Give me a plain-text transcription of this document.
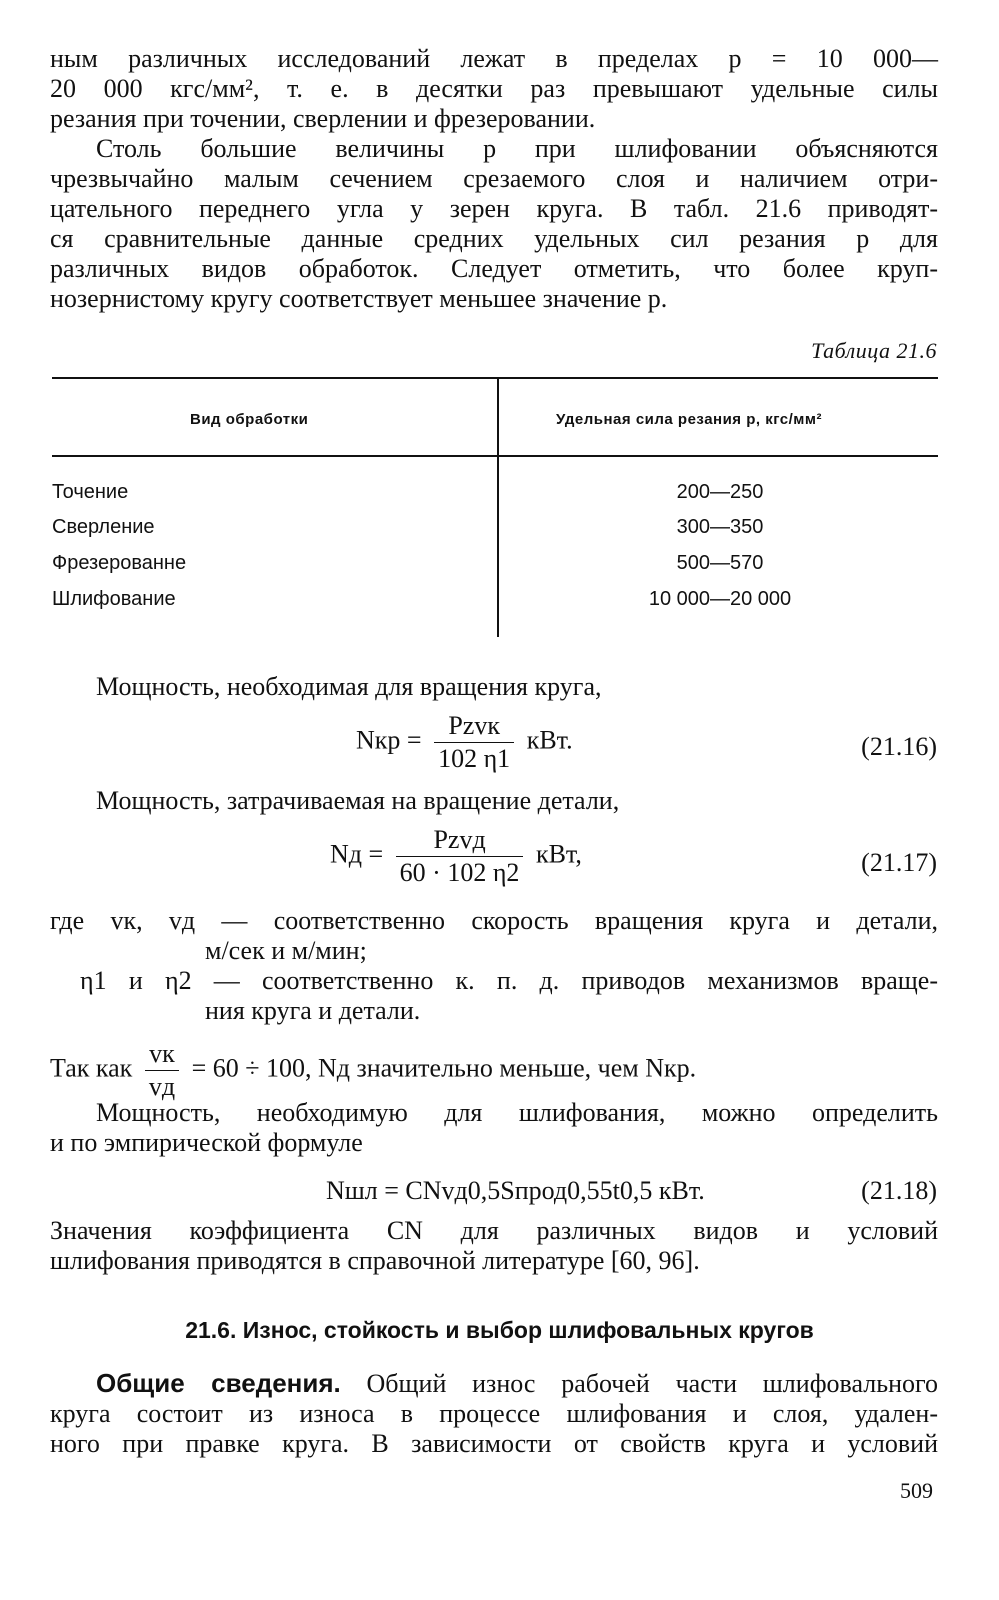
ным различных исследований лежат в пределах p = 10 000—
20 000 кгс/мм², т. е. в десятки раз превышают удельные силы
резания при точении, сверлении и фрезеровании.

Столь большие величины p при шлифовании объясняются
чрезвычайно малым сечением срезаемого слоя и наличием отри-
цательного переднего угла у зерен круга. В табл. 21.6 приводят-
ся сравнительные данные средних удельных сил резания p для
различных видов обработок. Следует отметить, что более круп-
нозернистому кругу соответствует меньшее значение p.

Таблица 21.6
Вид обработки	Удельная сила резания p, кгс/мм²
Точение	200—250
Сверление	300—350
Фрезерованне	500—570
Шлифование	10 000—20 000
Мощность, необходимая для вращения круга,
Nкр = $\frac{\text{Pzvк}}{102 \eta 1}$ кВт.	(21.16)
Мощность, затрачиваемая на вращение детали,
Nд = $\frac{\text{Pzvд}}{60 \cdot 102 \eta 2}$ кВт,	(21.17)
где vк, vд — соответственно скорость вращения круга и детали,
м/сек и м/мин;
η1 и η2 — соответственно к. п. д. приводов механизмов враще-
ния круга и детали.
Так как $\frac{vк}{vд} = 60 \div 100$, Nд значительно меньше, чем Nкр.

Мощность, необходимую для шлифования, можно определить
и по эмпирической формуле

Nшл = CNvд0,5Sпрод0,55t0,5 кВт.	(21.18)

Значения коэффициента CN для различных видов и условий
шлифования приводятся в справочной литературе [60, 96].

21.6. Износ, стойкость и выбор шлифовальных кругов

Общие сведения. Общий износ рабочей части шлифовального
круга состоит из износа в процессе шлифования и слоя, удален-
ного при правке круга. В зависимости от свойств круга и условий

509
